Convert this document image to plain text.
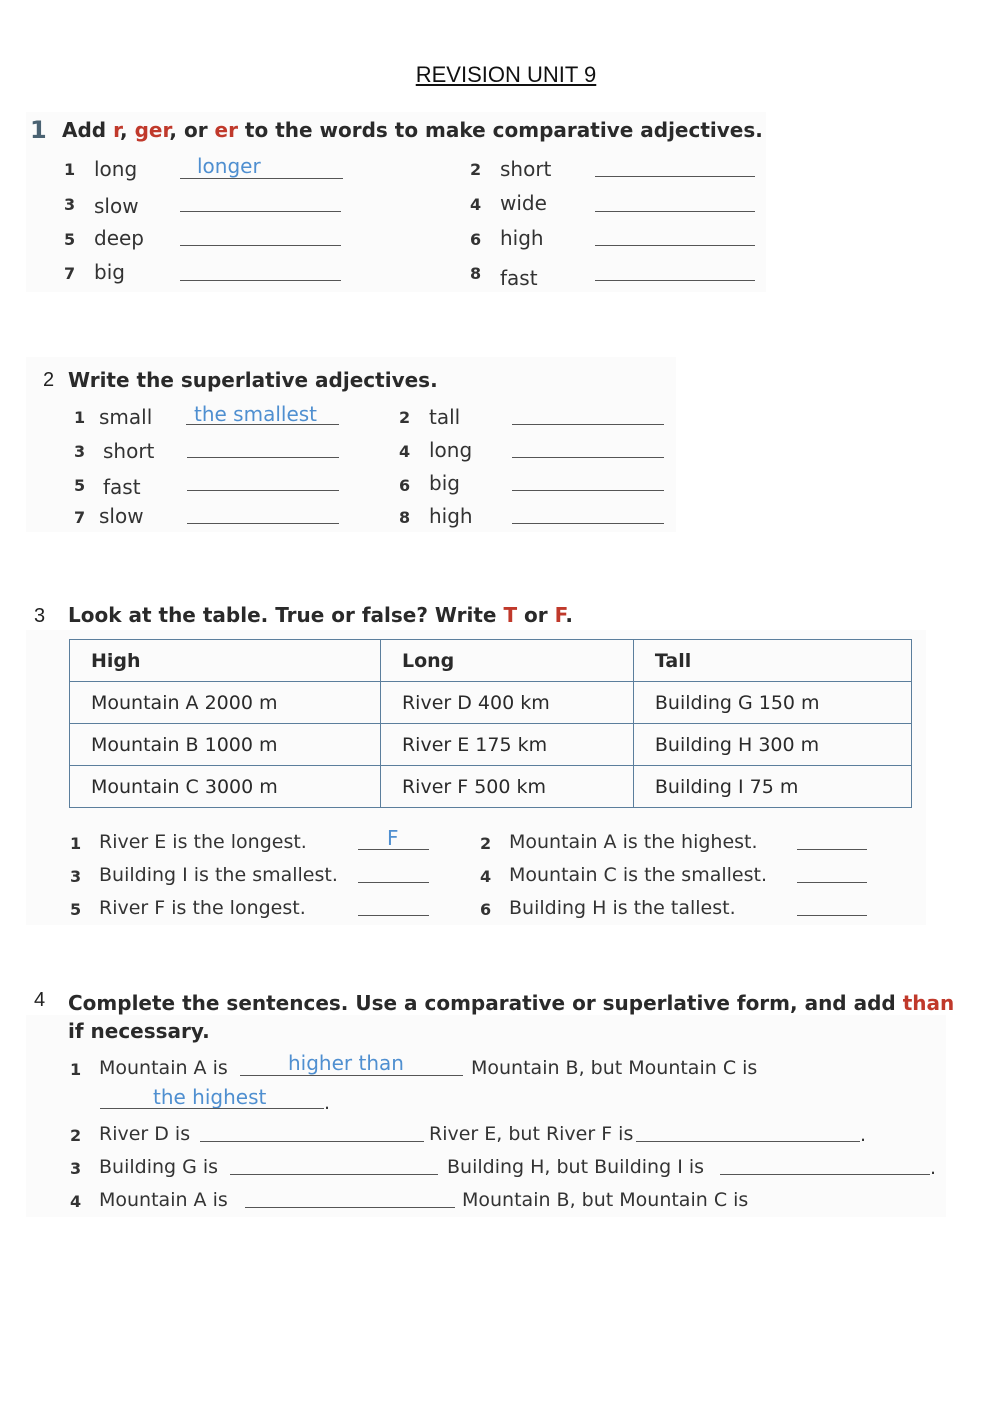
REVISION UNIT 9
1 Add r, ger, or er to the words to make comparative adjectives.
1 long	longer
3 slow
5 deep
7 big
2 short
4 wide
6 high
8 fast
2 Write the superlative adjectives.
1 small the smallest
3 short
5 fast
7 slow
2 tall
4 long
6 big
8 high
3 Look at the table. True or false? Write T or F.
High	Long	Tall
Mountain A 2000 m	River D 400 km	Building G 150 m
Mountain B 1000 m	River E 175 km	Building H 300 m
Mountain C 3000 m	River F 500 km	Building I 75 m
1 River E is the longest.	F
3 Building I is the smallest.
5 River F is the longest.
2 Mountain A is the highest.
4 Mountain C is the smallest.
6 Building H is the tallest.
4 Complete the sentences. Use a comparative or superlative form, and add than
if necessary.
1 Mountain A is	higher than	Mountain B, but Mountain C is
the highest	.
2 River D is	River E, but River F is	.
3 Building G is	Building H, but Building I is	.
4 Mountain A is	Mountain B, but Mountain C is
